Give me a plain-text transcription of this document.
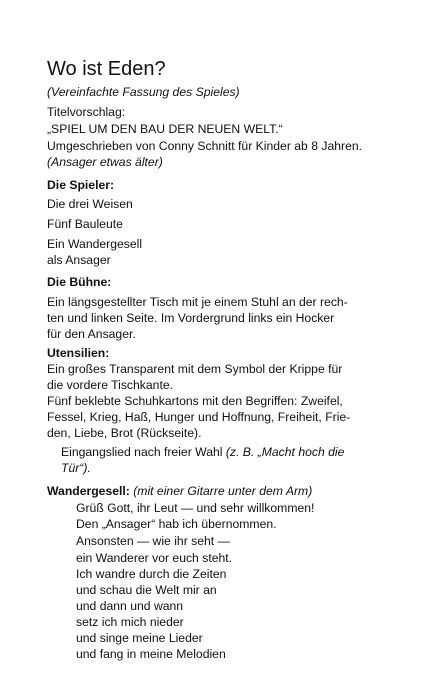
Wo ist Eden?
(Vereinfachte Fassung des Spieles)
Titelvorschlag:
„SPIEL UM DEN BAU DER NEUEN WELT.“
Umgeschrieben von Conny Schnitt für Kinder ab 8 Jahren.
(Ansager etwas älter)
Die Spieler:
Die drei Weisen
Fünf Bauleute
Ein Wandergesell
als Ansager
Die Bühne:
Ein längsgestellter Tisch mit je einem Stuhl an der rech-
ten und linken Seite. Im Vordergrund links ein Hocker
für den Ansager.
Utensilien:
Ein großes Transparent mit dem Symbol der Krippe für
die vordere Tischkante.
Fünf beklebte Schuhkartons mit den Begriffen: Zweifel,
Fessel, Krieg, Haß, Hunger und Hoffnung, Freiheit, Frie-
den, Liebe, Brot (Rückseite).
Eingangslied nach freier Wahl (z. B. „Macht hoch die
Tür“).
Wandergesell: (mit einer Gitarre unter dem Arm)
Grüß Gott, ihr Leut — und sehr willkommen!
Den „Ansager“ hab ich übernommen.
Ansonsten — wie ihr seht —
ein Wanderer vor euch steht.
Ich wandre durch die Zeiten
und schau die Welt mir an
und dann und wann
setz ich mich nieder
und singe meine Lieder
und fang in meine Melodien
